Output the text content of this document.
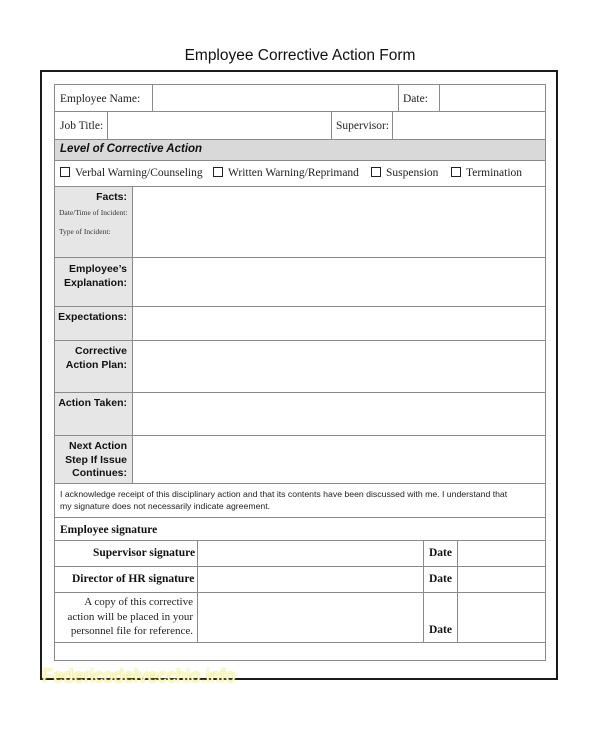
Employee Corrective Action Form
Employee Name:	Date:
Job Title:	Supervisor:
Level of Corrective Action
Verbal Warning/Counseling	Written Warning/Reprimand	Suspension	Termination
Facts:
Date/Time of Incident:
Type of Incident:
Employee’s
Explanation:
Expectations:
Corrective
Action Plan:
Action Taken:
Next Action
Step If Issue
Continues:
I acknowledge receipt of this disciplinary action and that its contents have been discussed with me. I understand that
my signature does not necessarily indicate agreement.
Employee signature
Supervisor signature	Date
Director of HR signature	Date
A copy of this corrective
action will be placed in your
personnel file for reference.	Date
Federicodelvecchio.info
